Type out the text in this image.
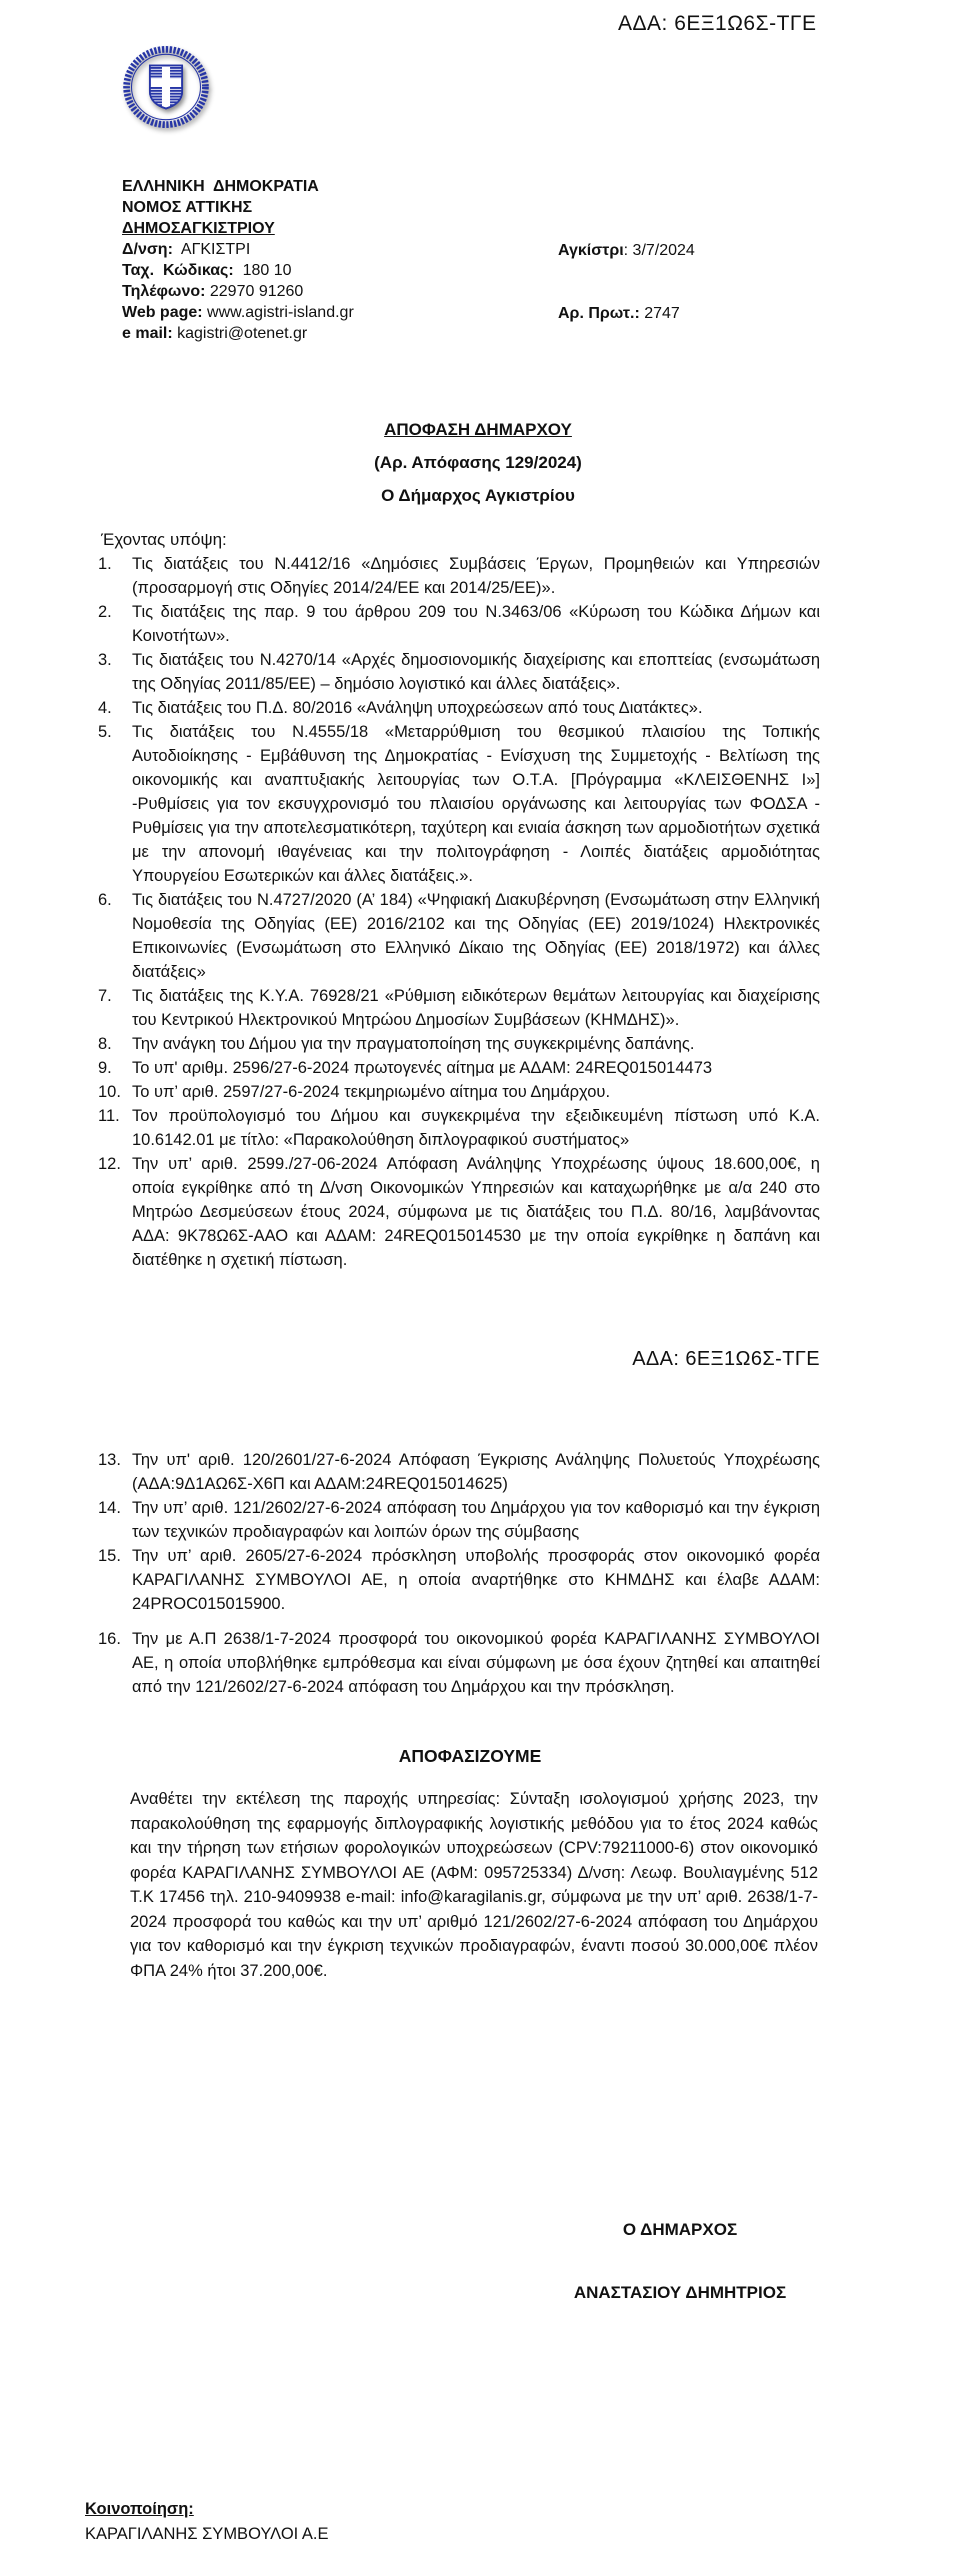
ΑΔΑ: 6ΕΞ1Ω6Σ-ΤΓΕ
ΕΛΛΗΝΙΚΗ  ΔΗΜΟΚΡΑΤΙΑ
ΝΟΜΟΣ ΑΤΤΙΚΗΣ
ΔΗΜΟΣΑΓΚΙΣΤΡΙΟΥ
Δ/νση:  ΑΓΚΙΣΤΡΙ
Ταχ.  Κώδικας:  180 10
Τηλέφωνο: 22970 91260
Web page: www.agistri-island.gr
e mail: kagistri@otenet.gr

Αγκίστρι: 3/7/2024

Αρ. Πρωτ.: 2747

ΑΠΟΦΑΣΗ ΔΗΜΑΡΧΟΥ
(Αρ. Απόφασης 129/2024)
Ο Δήμαρχος Αγκιστρίου
Έχοντας υπόψη:
1. Τις διατάξεις του Ν.4412/16 «Δημόσιες Συμβάσεις Έργων, Προμηθειών και Υπηρεσιών (προσαρμογή στις Οδηγίες 2014/24/ΕΕ και 2014/25/ΕΕ)».
2. Τις διατάξεις της παρ. 9 του άρθρου 209 του Ν.3463/06 «Κύρωση του Κώδικα Δήμων και Κοινοτήτων».
3. Τις διατάξεις του Ν.4270/14 «Αρχές δημοσιονομικής διαχείρισης και εποπτείας (ενσωμάτωση της Οδηγίας 2011/85/ΕΕ) – δημόσιο λογιστικό και άλλες διατάξεις».
4. Τις διατάξεις του Π.Δ. 80/2016 «Ανάληψη υποχρεώσεων από τους Διατάκτες».
5. Τις διατάξεις του Ν.4555/18 «Μεταρρύθμιση του θεσμικού πλαισίου της Τοπικής Αυτοδιοίκησης - Εμβάθυνση της Δημοκρατίας - Ενίσχυση της Συμμετοχής - Βελτίωση της οικονομικής και αναπτυξιακής λειτουργίας των Ο.Τ.Α. [Πρόγραμμα «ΚΛΕΙΣΘΕΝΗΣ Ι»] -Ρυθμίσεις για τον εκσυγχρονισμό του πλαισίου οργάνωσης και λειτουργίας των ΦΟΔΣΑ - Ρυθμίσεις για την αποτελεσματικότερη, ταχύτερη και ενιαία άσκηση των αρμοδιοτήτων σχετικά με την απονομή ιθαγένειας και την πολιτογράφηση - Λοιπές διατάξεις αρμοδιότητας Υπουργείου Εσωτερικών και άλλες διατάξεις.».
6. Τις διατάξεις του Ν.4727/2020 (Α’ 184) «Ψηφιακή Διακυβέρνηση (Ενσωμάτωση στην Ελληνική Νομοθεσία της Οδηγίας (ΕΕ) 2016/2102 και της Οδηγίας (ΕΕ) 2019/1024) Ηλεκτρονικές Επικοινωνίες (Ενσωμάτωση στο Ελληνικό Δίκαιο της Οδηγίας (ΕΕ) 2018/1972) και άλλες διατάξεις»
7. Τις διατάξεις της Κ.Υ.Α. 76928/21 «Ρύθμιση ειδικότερων θεμάτων λειτουργίας και διαχείρισης του Κεντρικού Ηλεκτρονικού Μητρώου Δημοσίων Συμβάσεων (ΚΗΜΔΗΣ)».
8. Την ανάγκη του Δήμου για την πραγματοποίηση της συγκεκριμένης δαπάνης.
9. Το υπ' αριθμ. 2596/27-6-2024 πρωτογενές αίτημα με ΑΔΑΜ: 24REQ015014473
10. Το υπ’ αριθ. 2597/27-6-2024 τεκμηριωμένο αίτημα του Δημάρχου.
11. Τον προϋπολογισμό του Δήμου και συγκεκριμένα την εξειδικευμένη πίστωση υπό Κ.Α. 10.6142.01 με τίτλο: «Παρακολούθηση διπλογραφικού συστήματος»
12. Την υπ’ αριθ. 2599./27-06-2024 Απόφαση Ανάληψης Υποχρέωσης ύψους 18.600,00€, η οποία εγκρίθηκε από τη Δ/νση Οικονομικών Υπηρεσιών και καταχωρήθηκε με α/α 240 στο Μητρώο Δεσμεύσεων έτους 2024, σύμφωνα με τις διατάξεις του Π.Δ. 80/16, λαμβάνοντας ΑΔΑ: 9Κ78Ω6Σ-ΑΑΟ και ΑΔΑΜ: 24REQ015014530 με την οποία εγκρίθηκε η δαπάνη και διατέθηκε η σχετική πίστωση.
ΑΔΑ: 6ΕΞ1Ω6Σ-ΤΓΕ
13. Την υπ' αριθ. 120/2601/27-6-2024 Απόφαση Έγκρισης Ανάληψης Πολυετούς Υποχρέωσης (ΑΔΑ:9Δ1ΑΩ6Σ-Χ6Π και ΑΔΑΜ:24REQ015014625)
14. Την υπ’ αριθ. 121/2602/27-6-2024 απόφαση του Δημάρχου για τον καθορισμό και την έγκριση των τεχνικών προδιαγραφών και λοιπών όρων της σύμβασης
15. Την υπ’ αριθ. 2605/27-6-2024 πρόσκληση υποβολής προσφοράς στον οικονομικό φορέα ΚΑΡΑΓΙΛΑΝΗΣ ΣΥΜΒΟΥΛΟΙ ΑΕ, η οποία αναρτήθηκε στο ΚΗΜΔΗΣ και έλαβε ΑΔΑΜ: 24PROC015015900.
16. Την με Α.Π 2638/1-7-2024 προσφορά του οικονομικού φορέα ΚΑΡΑΓΙΛΑΝΗΣ ΣΥΜΒΟΥΛΟΙ ΑΕ, η οποία υποβλήθηκε εμπρόθεσμα και είναι σύμφωνη με όσα έχουν ζητηθεί και απαιτηθεί από την 121/2602/27-6-2024 απόφαση του Δημάρχου και την πρόσκληση.
ΑΠΟΦΑΣΙΖΟΥΜΕ
Αναθέτει την εκτέλεση της παροχής υπηρεσίας: Σύνταξη ισολογισμού χρήσης 2023, την παρακολούθηση της εφαρμογής διπλογραφικής λογιστικής μεθόδου για το έτος 2024 καθώς και την τήρηση των ετήσιων φορολογικών υποχρεώσεων (CPV:79211000-6) στον οικονομικό φορέα ΚΑΡΑΓΙΛΑΝΗΣ ΣΥΜΒΟΥΛΟΙ ΑΕ (ΑΦΜ: 095725334) Δ/νση: Λεωφ. Βουλιαγμένης 512 Τ.Κ 17456 τηλ. 210-9409938 e-mail: info@karagilanis.gr, σύμφωνα με την υπ’ αριθ. 2638/1-7-2024 προσφορά του καθώς και την υπ’ αριθμό 121/2602/27-6-2024 απόφαση του Δημάρχου για τον καθορισμό και την έγκριση τεχνικών προδιαγραφών, έναντι ποσού 30.000,00€ πλέον ΦΠΑ 24% ήτοι 37.200,00€.
Ο ΔΗΜΑΡΧΟΣ
ΑΝΑΣΤΑΣΙΟΥ ΔΗΜΗΤΡΙΟΣ
Κοινοποίηση:
ΚΑΡΑΓΙΛΑΝΗΣ ΣΥΜΒΟΥΛΟΙ Α.Ε
